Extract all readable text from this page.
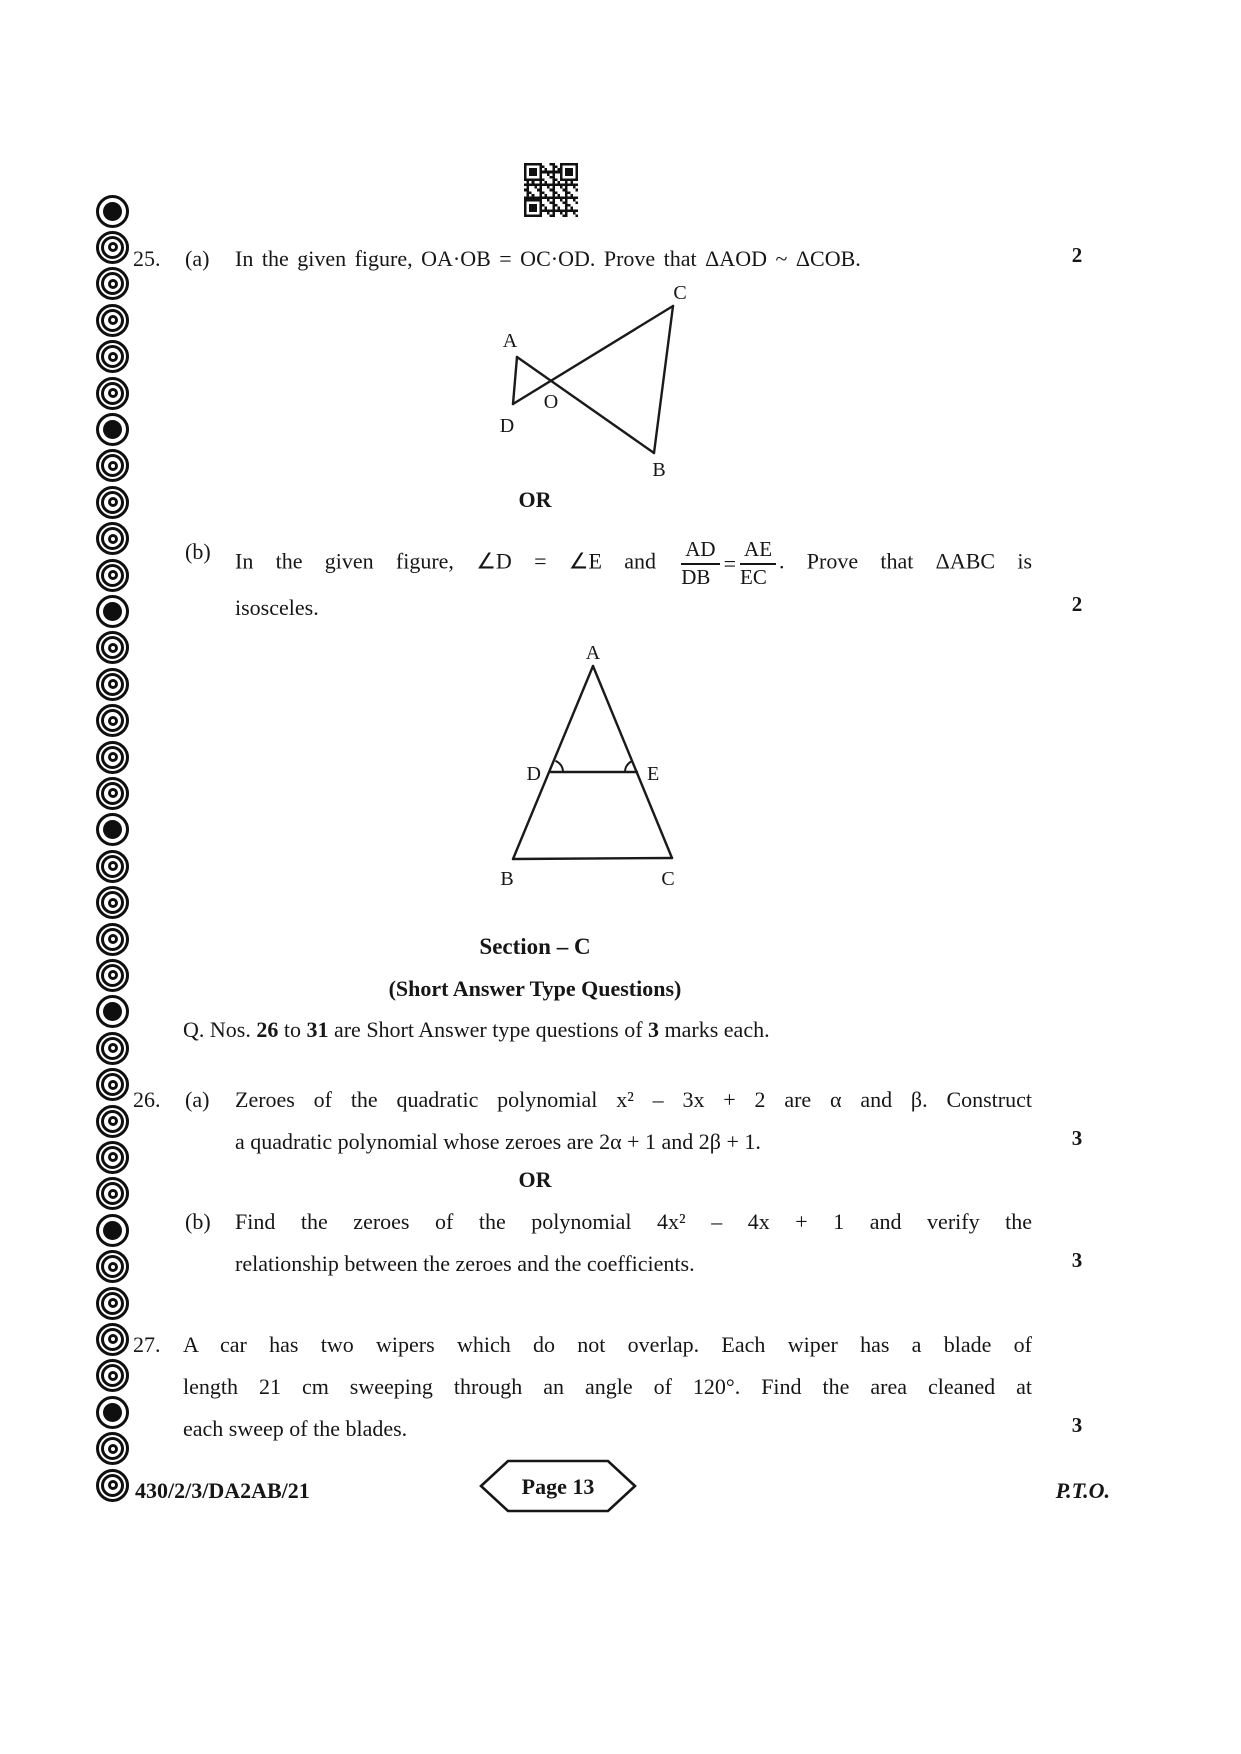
25. (a) In the given figure, OA·OB = OC·OD. Prove that ΔAOD ~ ΔCOB.	2
A
C
D
B
O
OR
(b) In the given figure, ∠D = ∠E and $\frac{AD}{DB} = \frac{AE}{EC}$ . Prove that ΔABC is
isosceles.	2
A
D	E
B	C
Section – C
(Short Answer Type Questions)
Q. Nos. 26 to 31 are Short Answer type questions of 3 marks each.
26. (a) Zeroes of the quadratic polynomial x² – 3x + 2 are α and β. Construct
a quadratic polynomial whose zeroes are 2α + 1 and 2β + 1.	3
OR
(b) Find the zeroes of the polynomial 4x² – 4x + 1 and verify the
relationship between the zeroes and the coefficients.	3
27. A car has two wipers which do not overlap. Each wiper has a blade of
length 21 cm sweeping through an angle of 120°. Find the area cleaned at
each sweep of the blades.	3
430/2/3/DA2AB/21	Page 13	P.T.O.
